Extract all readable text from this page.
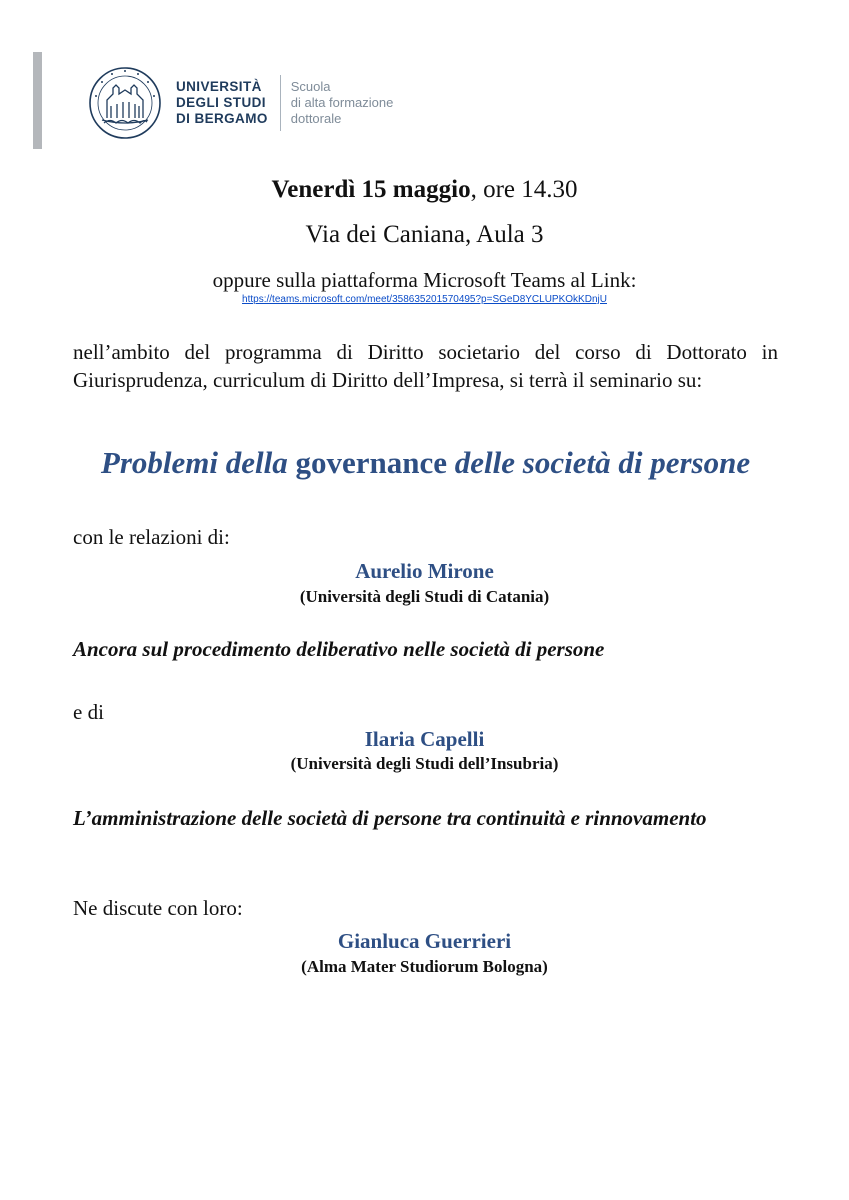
UNIVERSITÀ
DEGLI STUDI
DI BERGAMO
Scuola
di alta formazione
dottorale
Venerdì 15 maggio, ore 14.30
Via dei Caniana, Aula 3
oppure sulla piattaforma Microsoft Teams al Link:
https://teams.microsoft.com/meet/358635201570495?p=SGeD8YCLUPKOkKDnjU
nell’ambito del programma di Diritto societario del corso di Dottorato in Giurisprudenza, curriculum di Diritto dell’Impresa, si terrà il seminario su:
Problemi della governance delle società di persone
con le relazioni di:
Aurelio Mirone
(Università degli Studi di Catania)
Ancora sul procedimento deliberativo nelle società di persone
e di
Ilaria Capelli
(Università degli Studi dell’Insubria)
L’amministrazione delle società di persone tra continuità e rinnovamento
Ne discute con loro:
Gianluca Guerrieri
(Alma Mater Studiorum Bologna)
